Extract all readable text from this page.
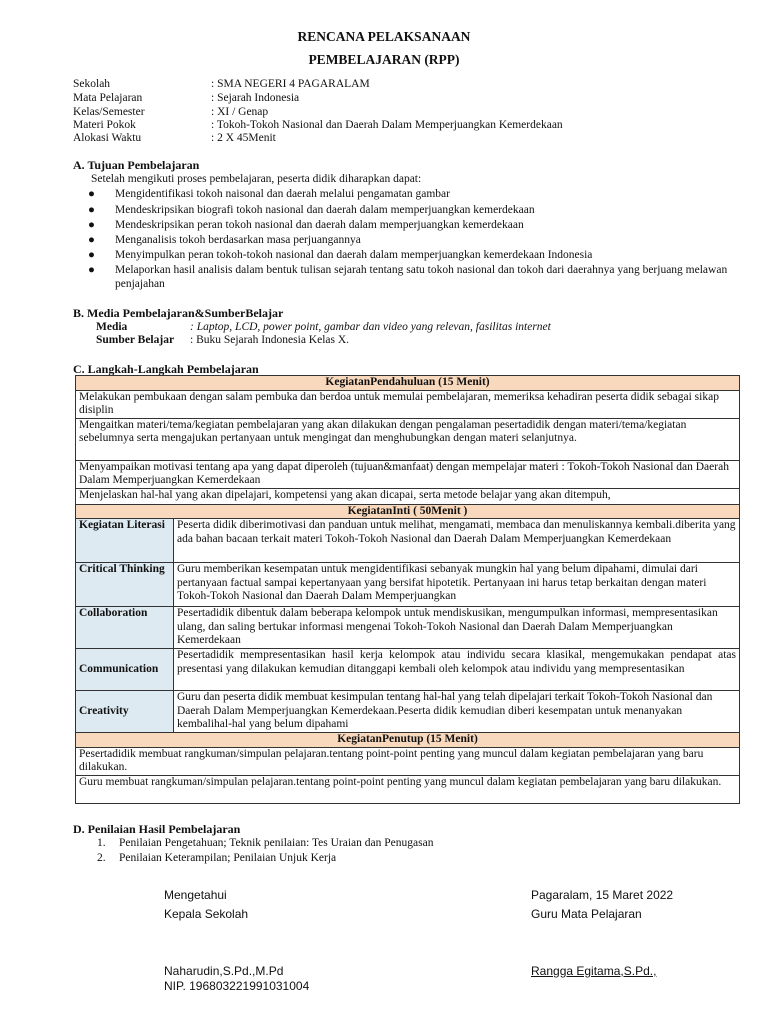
RENCANA PELAKSANAAN
PEMBELAJARAN (RPP)
Sekolah	: SMA NEGERI 4 PAGARALAM
Mata Pelajaran	: Sejarah Indonesia
Kelas/Semester	: XI / Genap
Materi Pokok	: Tokoh-Tokoh Nasional dan Daerah Dalam Memperjuangkan Kemerdekaan
Alokasi Waktu	: 2 X 45Menit
A. Tujuan Pembelajaran
Setelah mengikuti proses pembelajaran, peserta didik diharapkan dapat:
● Mengidentifikasi tokoh naisonal dan daerah melalui pengamatan gambar
● Mendeskripsikan biografi tokoh nasional dan daerah dalam memperjuangkan kemerdekaan
● Mendeskripsikan peran tokoh nasional dan daerah dalam memperjuangkan kemerdekaan
● Menganalisis tokoh berdasarkan masa perjuangannya
● Menyimpulkan peran tokoh-tokoh nasional dan daerah dalam memperjuangkan kemerdekaan Indonesia
● Melaporkan hasil analisis dalam bentuk tulisan sejarah tentang satu tokoh nasional dan tokoh dari daerahnya yang berjuang melawan penjajahan
B. Media Pembelajaran&SumberBelajar
Media	: Laptop, LCD, power point, gambar dan video yang relevan, fasilitas internet
Sumber Belajar : Buku Sejarah Indonesia Kelas X.
C. Langkah-Langkah Pembelajaran
KegiatanPendahuluan (15 Menit)	
Melakukan pembukaan dengan salam pembuka dan berdoa untuk memulai pembelajaran, memeriksa kehadiran peserta didik sebagai sikap disiplin	
Mengaitkan materi/tema/kegiatan pembelajaran yang akan dilakukan dengan pengalaman pesertadidik dengan materi/tema/kegiatan sebelumnya serta mengajukan pertanyaan untuk mengingat dan menghubungkan dengan materi selanjutnya.	
Menyampaikan motivasi tentang apa yang dapat diperoleh (tujuan&manfaat) dengan mempelajar materi : Tokoh-Tokoh Nasional dan Daerah Dalam Memperjuangkan Kemerdekaan	
Menjelaskan hal-hal yang akan dipelajari, kompetensi yang akan dicapai, serta metode belajar yang akan ditempuh,	
KegiatanInti ( 50Menit )	
Kegiatan Literasi	Peserta didik diberimotivasi dan panduan untuk melihat, mengamati, membaca dan menuliskannya kembali.diberita yang ada bahan bacaan terkait materi Tokoh-Tokoh Nasional dan Daerah Dalam Memperjuangkan Kemerdekaan
Critical Thinking	Guru memberikan kesempatan untuk mengidentifikasi sebanyak mungkin hal yang belum dipahami, dimulai dari pertanyaan factual sampai kepertanyaan yang bersifat hipotetik. Pertanyaan ini harus tetap berkaitan dengan materi Tokoh-Tokoh Nasional dan Daerah Dalam Memperjuangkan
Collaboration	Pesertadidik dibentuk dalam beberapa kelompok untuk mendiskusikan, mengumpulkan informasi, mempresentasikan ulang, dan saling bertukar informasi mengenai Tokoh-Tokoh Nasional dan Daerah Dalam Memperjuangkan Kemerdekaan
Communication	Pesertadidik mempresentasikan hasil kerja kelompok atau individu secara klasikal, mengemukakan pendapat atas presentasi yang dilakukan kemudian ditanggapi kembali oleh kelompok atau individu yang mempresentasikan
Creativity	Guru dan peserta didik membuat kesimpulan tentang hal-hal yang telah dipelajari terkait Tokoh-Tokoh Nasional dan Daerah Dalam Memperjuangkan Kemerdekaan.Peserta didik kemudian diberi kesempatan untuk menanyakan kembalihal-hal yang belum dipahami
KegiatanPenutup (15 Menit)	
Pesertadidik membuat rangkuman/simpulan pelajaran.tentang point-point penting yang muncul dalam kegiatan pembelajaran yang baru dilakukan.	
Guru membuat rangkuman/simpulan pelajaran.tentang point-point penting yang muncul dalam kegiatan pembelajaran yang baru dilakukan.	
D. Penilaian Hasil Pembelajaran
1. Penilaian Pengetahuan; Teknik penilaian: Tes Uraian dan Penugasan
2. Penilaian Keterampilan; Penilaian Unjuk Kerja
Mengetahui
Kepala Sekolah
Naharudin,S.Pd.,M.Pd
NIP. 196803221991031004
Pagaralam, 15 Maret 2022
Guru Mata Pelajaran
Rangga Egitama,S.Pd.,
